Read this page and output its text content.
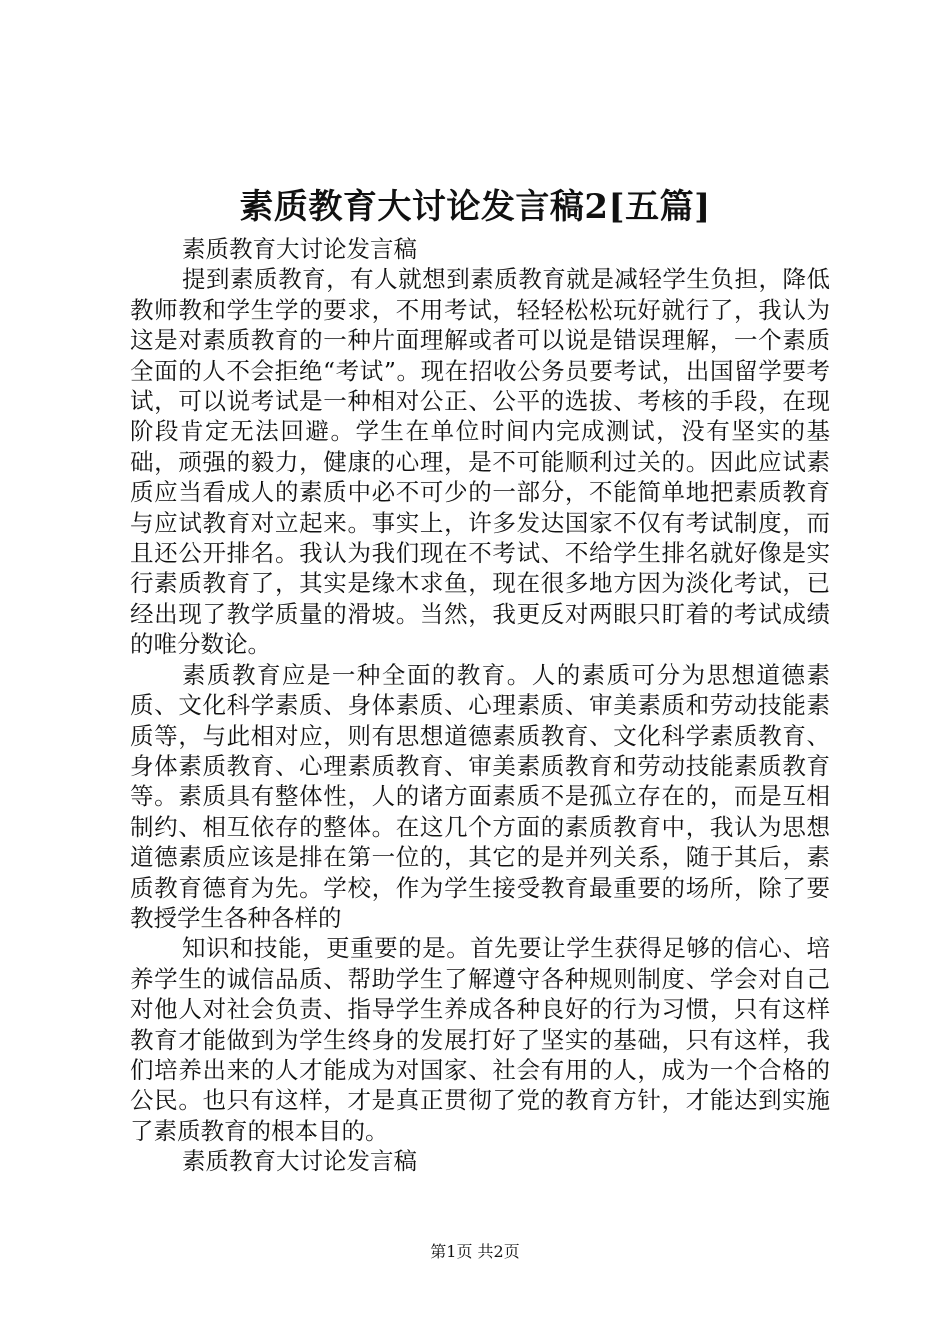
素质教育大讨论发言稿2[五篇]

素质教育大讨论发言稿

提到素质教育，有人就想到素质教育就是减轻学生负担，降低教师教和学生学的要求，不用考试，轻轻松松玩好就行了，我认为这是对素质教育的一种片面理解或者可以说是错误理解，一个素质全面的人不会拒绝“考试”。现在招收公务员要考试，出国留学要考试，可以说考试是一种相对公正、公平的选拔、考核的手段，在现阶段肯定无法回避。学生在单位时间内完成测试，没有坚实的基础，顽强的毅力，健康的心理，是不可能顺利过关的。因此应试素质应当看成人的素质中必不可少的一部分，不能简单地把素质教育与应试教育对立起来。事实上，许多发达国家不仅有考试制度，而且还公开排名。我认为我们现在不考试、不给学生排名就好像是实行素质教育了，其实是缘木求鱼，现在很多地方因为淡化考试，已经出现了教学质量的滑坡。当然，我更反对两眼只盯着的考试成绩的唯分数论。

素质教育应是一种全面的教育。人的素质可分为思想道德素质、文化科学素质、身体素质、心理素质、审美素质和劳动技能素质等，与此相对应，则有思想道德素质教育、文化科学素质教育、身体素质教育、心理素质教育、审美素质教育和劳动技能素质教育等。素质具有整体性，人的诸方面素质不是孤立存在的，而是互相制约、相互依存的整体。在这几个方面的素质教育中，我认为思想道德素质应该是排在第一位的，其它的是并列关系，随于其后，素质教育德育为先。学校，作为学生接受教育最重要的场所，除了要教授学生各种各样的

知识和技能，更重要的是。首先要让学生获得足够的信心、培养学生的诚信品质、帮助学生了解遵守各种规则制度、学会对自己对他人对社会负责、指导学生养成各种良好的行为习惯，只有这样教育才能做到为学生终身的发展打好了坚实的基础，只有这样，我们培养出来的人才能成为对国家、社会有用的人，成为一个合格的公民。也只有这样，才是真正贯彻了党的教育方针，才能达到实施了素质教育的根本目的。

素质教育大讨论发言稿

第1页 共2页
